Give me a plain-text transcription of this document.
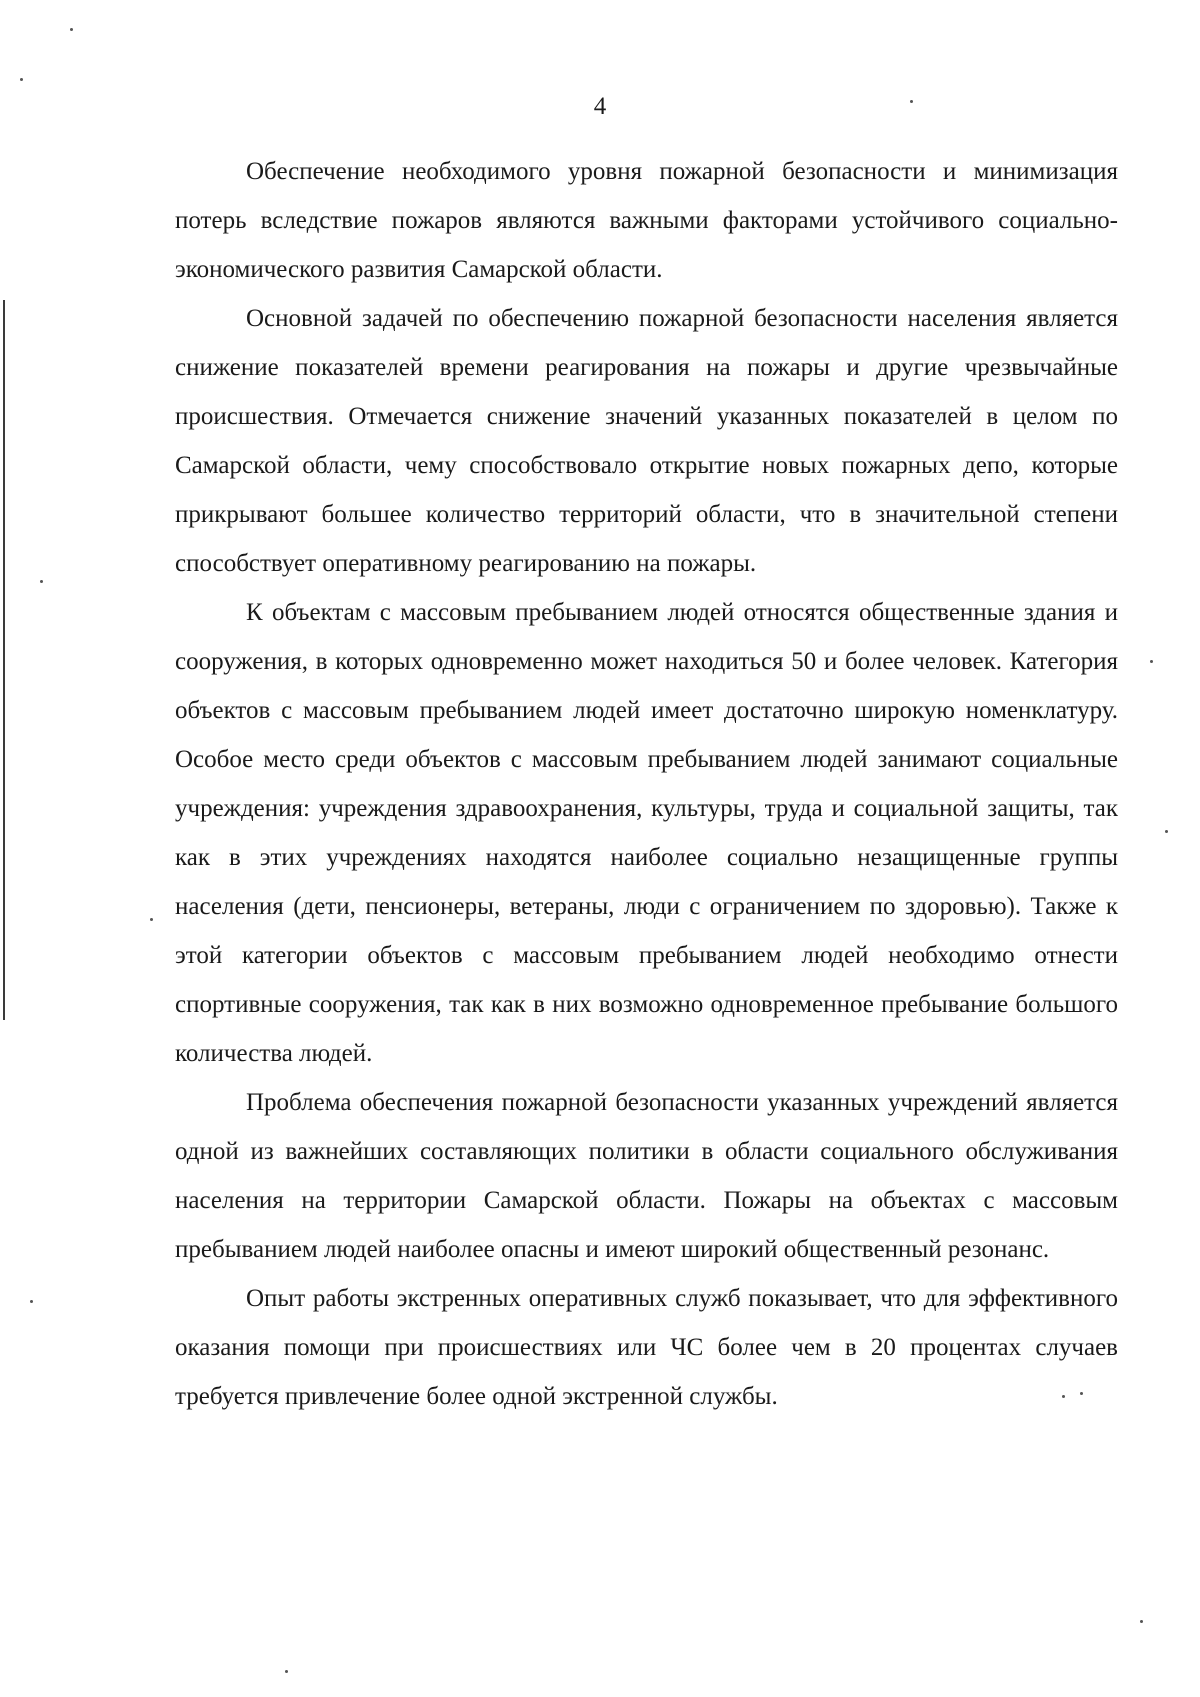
4

Обеспечение необходимого уровня пожарной безопасности и минимизация потерь вследствие пожаров являются важными факторами устойчивого социально-экономического развития Самарской области.

Основной задачей по обеспечению пожарной безопасности населения является снижение показателей времени реагирования на пожары и другие чрезвычайные происшествия. Отмечается снижение значений указанных показателей в целом по Самарской области, чему способствовало открытие новых пожарных депо, которые прикрывают большее количество территорий области, что в значительной степени способствует оперативному реагированию на пожары.

К объектам с массовым пребыванием людей относятся общественные здания и сооружения, в которых одновременно может находиться 50 и более человек. Категория объектов с массовым пребыванием людей имеет достаточно широкую номенклатуру. Особое место среди объектов с массовым пребыванием людей занимают социальные учреждения: учреждения здравоохранения, культуры, труда и социальной защиты, так как в этих учреждениях находятся наиболее социально незащищенные группы населения (дети, пенсионеры, ветераны, люди с ограничением по здоровью). Также к этой категории объектов с массовым пребыванием людей необходимо отнести спортивные сооружения, так как в них возможно одновременное пребывание большого количества людей.

Проблема обеспечения пожарной безопасности указанных учреждений является одной из важнейших составляющих политики в области социального обслуживания населения на территории Самарской области. Пожары на объектах с массовым пребыванием людей наиболее опасны и имеют широкий общественный резонанс.

Опыт работы экстренных оперативных служб показывает, что для эффективного оказания помощи при происшествиях или ЧС более чем в 20 процентах случаев требуется привлечение более одной экстренной службы.
